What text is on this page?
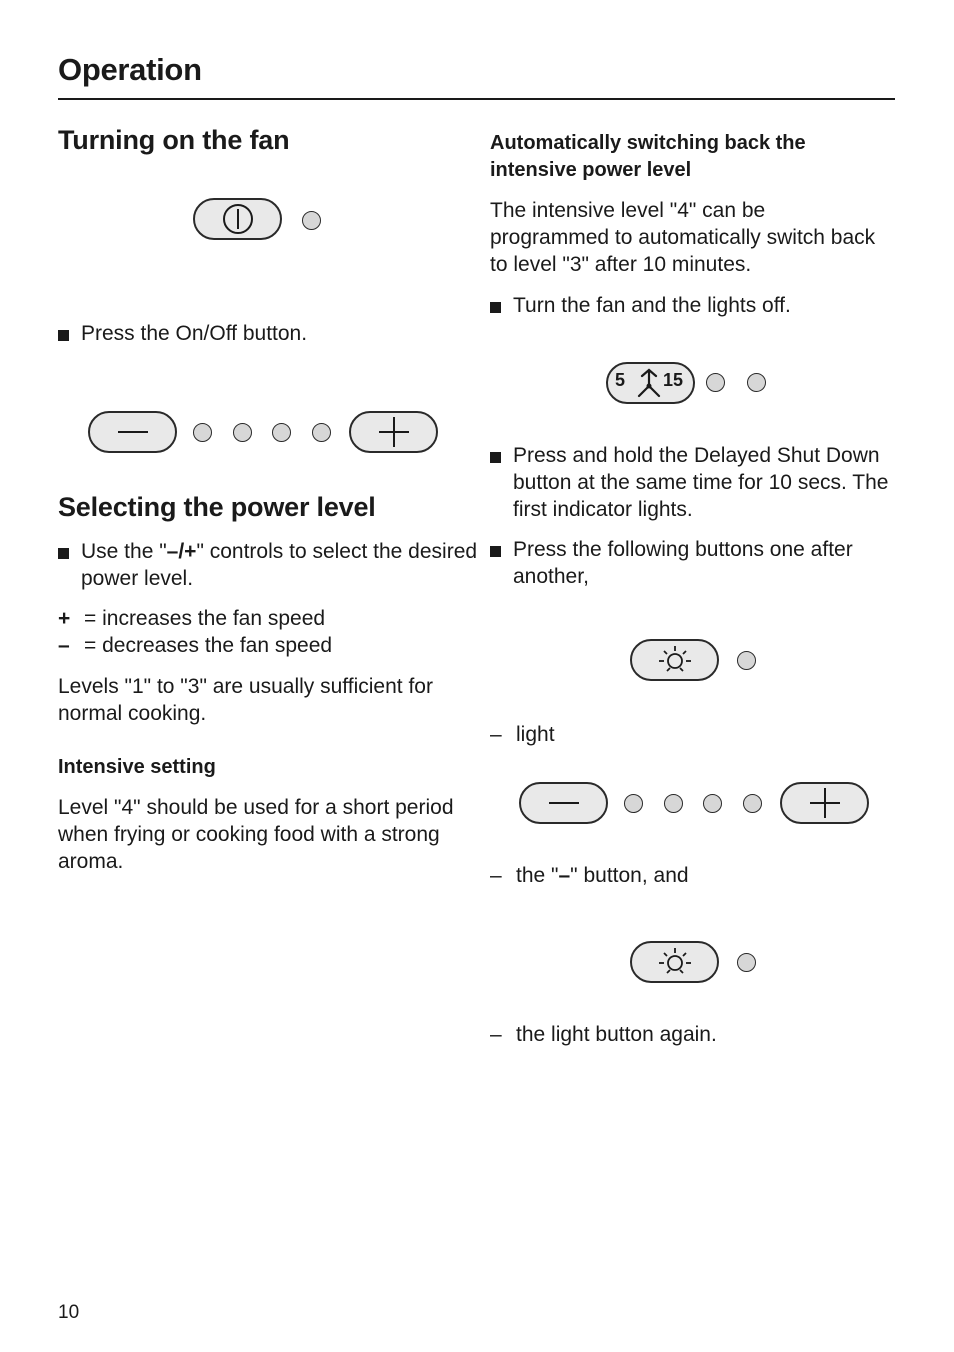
Operation
Turning on the fan
Press the On/Off button.
Selecting the power level
Use the "–/+" controls to select the desired power level.
+ = increases the fan speed
– = decreases the fan speed
Levels "1" to "3" are usually sufficient for normal cooking.
Intensive setting
Level "4" should be used for a short period when frying or cooking food with a strong aroma.
Automatically switching back the intensive power level
The intensive level "4" can be programmed to automatically switch back to level "3" after 10 minutes.
Turn the fan and the lights off.
5 15
Press and hold the Delayed Shut Down button at the same time for 10 secs. The first indicator lights.
Press the following buttons one after another,
– light
– the "–" button, and
– the light button again.
10
